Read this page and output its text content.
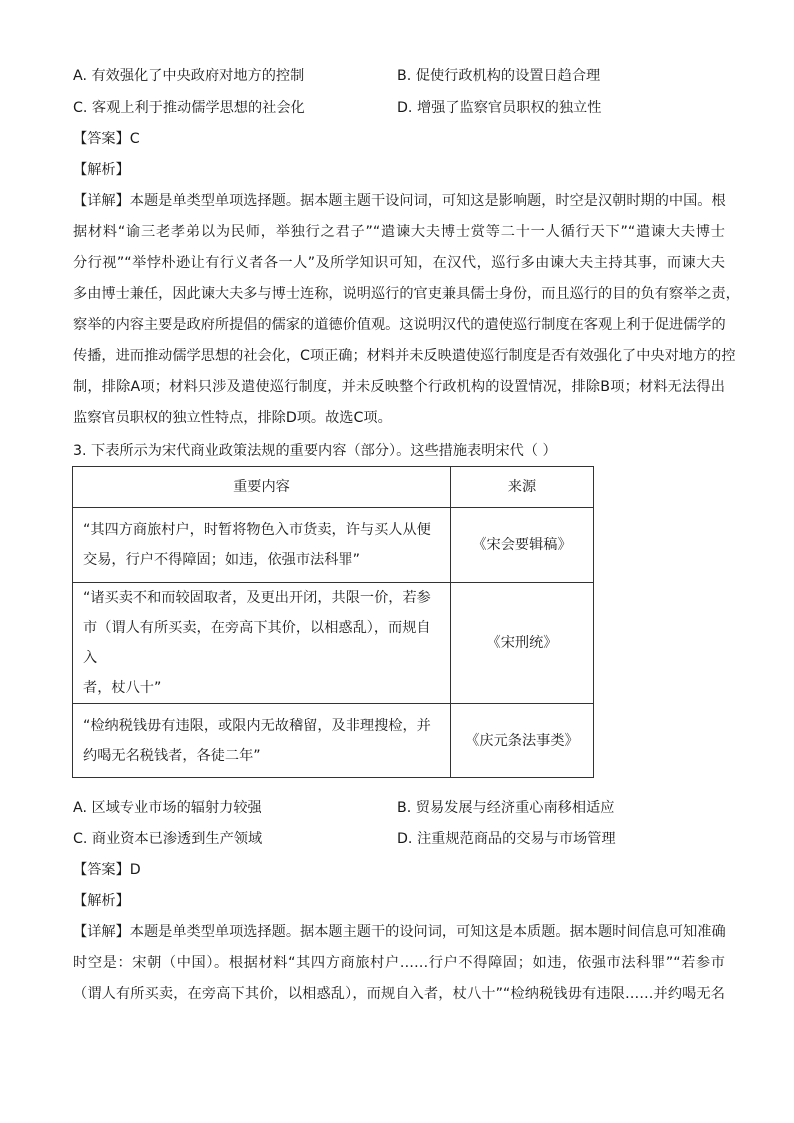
A. 有效强化了中央政府对地方的控制	B. 促使行政机构的设置日趋合理
C. 客观上利于推动儒学思想的社会化	D. 增强了监察官员职权的独立性
【答案】C
【解析】
【详解】本题是单类型单项选择题。据本题主题干设问词，可知这是影响题，时空是汉朝时期的中国。根
据材料“谕三老孝弟以为民师，举独行之君子”“遣谏大夫博士赏等二十一人循行天下”“遣谏大夫博士
分行视”“举悖朴逊让有行义者各一人”及所学知识可知，在汉代，巡行多由谏大夫主持其事，而谏大夫
多由博士兼任，因此谏大夫多与博士连称，说明巡行的官吏兼具儒士身份，而且巡行的目的负有察举之责，
察举的内容主要是政府所提倡的儒家的道德价值观。这说明汉代的遣使巡行制度在客观上利于促进儒学的
传播，进而推动儒学思想的社会化，C项正确；材料并未反映遣使巡行制度是否有效强化了中央对地方的控
制，排除A项；材料只涉及遣使巡行制度，并未反映整个行政机构的设置情况，排除B项；材料无法得出
监察官员职权的独立性特点，排除D项。故选C项。
3. 下表所示为宋代商业政策法规的重要内容（部分）。这些措施表明宋代（ ）
重要内容	来源

“其四方商旅村户，时暂将物色入市货卖，许与买人从便
交易，行户不得障固；如违，依强市法科罪”	《宋会要辑稿》

“诸买卖不和而较固取者，及更出开闭，共限一价，若参
市（谓人有所买卖，在旁高下其价，以相惑乱），而规自入
者，杖八十”	《宋刑统》

“检纳税钱毋有违限，或限内无故稽留，及非理搜检，并
约喝无名税钱者，各徒二年”	《庆元条法事类》
A. 区域专业市场的辐射力较强	B. 贸易发展与经济重心南移相适应
C. 商业资本已渗透到生产领域	D. 注重规范商品的交易与市场管理
【答案】D
【解析】
【详解】本题是单类型单项选择题。据本题主题干的设问词，可知这是本质题。据本题时间信息可知准确
时空是：宋朝（中国）。根据材料“其四方商旅村户……行户不得障固；如违，依强市法科罪”“若参市
（谓人有所买卖，在旁高下其价，以相惑乱），而规自入者，杖八十”“检纳税钱毋有违限……并约喝无名
